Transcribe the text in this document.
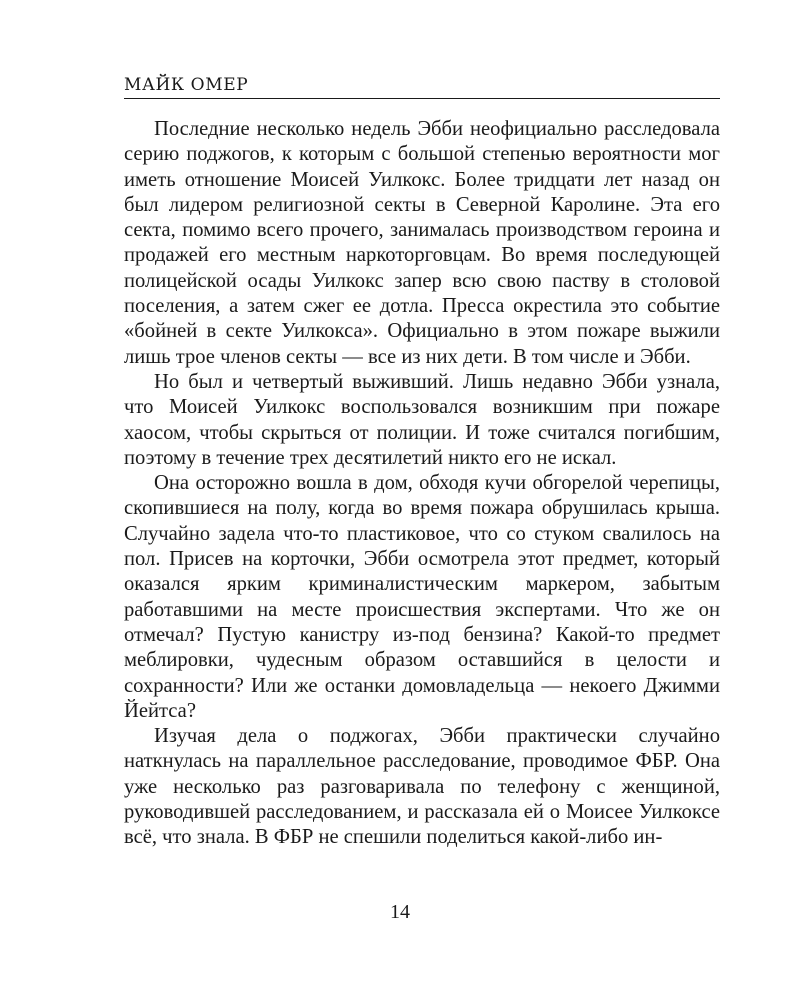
МАЙК ОМЕР

Последние несколько недель Эбби неофициально расследовала серию поджогов, к которым с большой степенью вероятности мог иметь отношение Моисей Уилкокс. Более тридцати лет назад он был лидером религиозной секты в Северной Каролине. Эта его секта, помимо всего прочего, занималась производством героина и продажей его местным наркоторговцам. Во время последующей полицейской осады Уилкокс запер всю свою паству в столовой поселения, а затем сжег ее дотла. Пресса окрестила это событие «бойней в секте Уилкокса». Официально в этом пожаре выжили лишь трое членов секты — все из них дети. В том числе и Эбби.

Но был и четвертый выживший. Лишь недавно Эбби узнала, что Моисей Уилкокс воспользовался возникшим при пожаре хаосом, чтобы скрыться от полиции. И тоже считался погибшим, поэтому в течение трех десятилетий никто его не искал.

Она осторожно вошла в дом, обходя кучи обгорелой черепицы, скопившиеся на полу, когда во время пожара обрушилась крыша. Случайно задела что-то пластиковое, что со стуком свалилось на пол. Присев на корточки, Эбби осмотрела этот предмет, который оказался ярким криминалистическим маркером, забытым работавшими на месте происшествия экспертами. Что же он отмечал? Пустую канистру из-под бензина? Какой-то предмет меблировки, чудесным образом оставшийся в целости и сохранности? Или же останки домовладельца — некоего Джимми Йейтса?

Изучая дела о поджогах, Эбби практически случайно наткнулась на параллельное расследование, проводимое ФБР. Она уже несколько раз разговаривала по телефону с женщиной, руководившей расследованием, и рассказала ей о Моисее Уилкоксе всё, что знала. В ФБР не спешили поделиться какой-либо ин-

14
